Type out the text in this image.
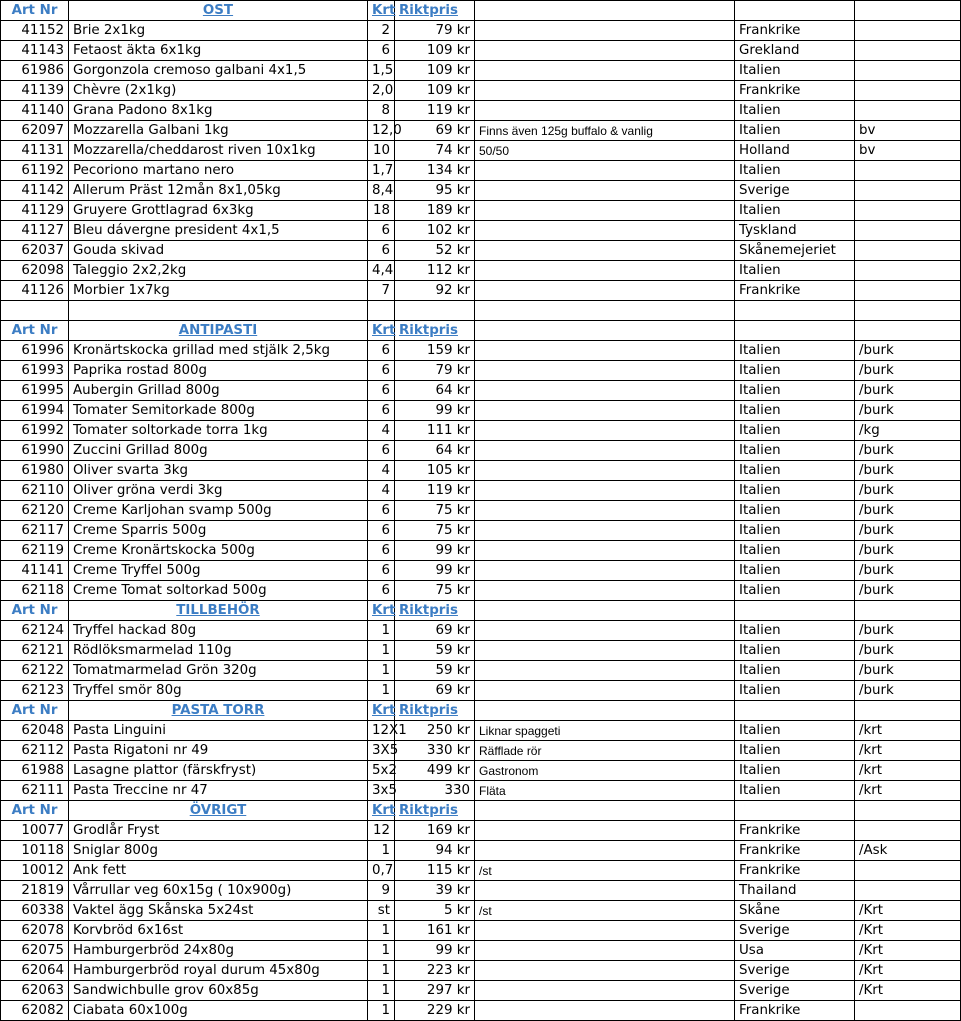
Art Nr	OST	Krt	Riktpris			
41152	Brie 2x1kg	2	79 kr		Frankrike	
41143	Fetaost äkta 6x1kg	6	109 kr		Grekland	
61986	Gorgonzola cremoso galbani 4x1,5	1,5	109 kr		Italien	
41139	Chèvre (2x1kg)	2,0	109 kr		Frankrike	
41140	Grana Padono 8x1kg	8	119 kr		Italien	
62097	Mozzarella Galbani 1kg	12,0	69 kr	Finns även 125g buffalo & vanlig	Italien	bv
41131	Mozzarella/cheddarost riven 10x1kg	10	74 kr	50/50	Holland	bv
61192	Pecoriono martano nero	1,7	134 kr		Italien	
41142	Allerum Präst 12mån 8x1,05kg	8,4	95 kr		Sverige	
41129	Gruyere Grottlagrad 6x3kg	18	189 kr		Italien	
41127	Bleu dávergne president 4x1,5	6	102 kr		Tyskland	
62037	Gouda skivad	6	52 kr		Skånemejeriet	
62098	Taleggio 2x2,2kg	4,4	112 kr		Italien	
41126	Morbier 1x7kg	7	92 kr		Frankrike	

Art Nr	ANTIPASTI	Krt	Riktpris			
61996	Kronärtskocka grillad med stjälk 2,5kg	6	159 kr		Italien	/burk
61993	Paprika rostad 800g	6	79 kr		Italien	/burk
61995	Aubergin Grillad 800g	6	64 kr		Italien	/burk
61994	Tomater Semitorkade 800g	6	99 kr		Italien	/burk
61992	Tomater soltorkade torra 1kg	4	111 kr		Italien	/kg
61990	Zuccini Grillad 800g	6	64 kr		Italien	/burk
61980	Oliver svarta 3kg	4	105 kr		Italien	/burk
62110	Oliver gröna verdi 3kg	4	119 kr		Italien	/burk
62120	Creme Karljohan svamp 500g	6	75 kr		Italien	/burk
62117	Creme Sparris 500g	6	75 kr		Italien	/burk
62119	Creme Kronärtskocka 500g	6	99 kr		Italien	/burk
41141	Creme Tryffel 500g	6	99 kr		Italien	/burk
62118	Creme Tomat soltorkad 500g	6	75 kr		Italien	/burk
Art Nr	TILLBEHÖR	Krt	Riktpris			
62124	Tryffel hackad 80g	1	69 kr		Italien	/burk
62121	Rödlöksmarmelad 110g	1	59 kr		Italien	/burk
62122	Tomatmarmelad Grön 320g	1	59 kr		Italien	/burk
62123	Tryffel smör 80g	1	69 kr		Italien	/burk
Art Nr	PASTA TORR	Krt	Riktpris			
62048	Pasta Linguini	12X1	250 kr	Liknar spaggeti	Italien	/krt
62112	Pasta Rigatoni nr 49	3X5	330 kr	Räfflade rör	Italien	/krt
61988	Lasagne plattor (färskfryst)	5x2	499 kr	Gastronom	Italien	/krt
62111	Pasta Treccine nr 47	3x5	330	Fläta	Italien	/krt
Art Nr	ÖVRIGT	Krt	Riktpris			
10077	Grodlår Fryst	12	169 kr		Frankrike	
10118	Sniglar 800g	1	94 kr		Frankrike	/Ask
10012	Ank fett	0,7	115 kr	/st	Frankrike	
21819	Vårrullar veg 60x15g ( 10x900g)	9	39 kr		Thailand	
60338	Vaktel ägg Skånska 5x24st	st	5 kr	/st	Skåne	/Krt
62078	Korvbröd 6x16st	1	161 kr		Sverige	/Krt
62075	Hamburgerbröd 24x80g	1	99 kr		Usa	/Krt
62064	Hamburgerbröd royal durum 45x80g	1	223 kr		Sverige	/Krt
62063	Sandwichbulle grov 60x85g	1	297 kr		Sverige	/Krt
62082	Ciabata 60x100g	1	229 kr		Frankrike	
